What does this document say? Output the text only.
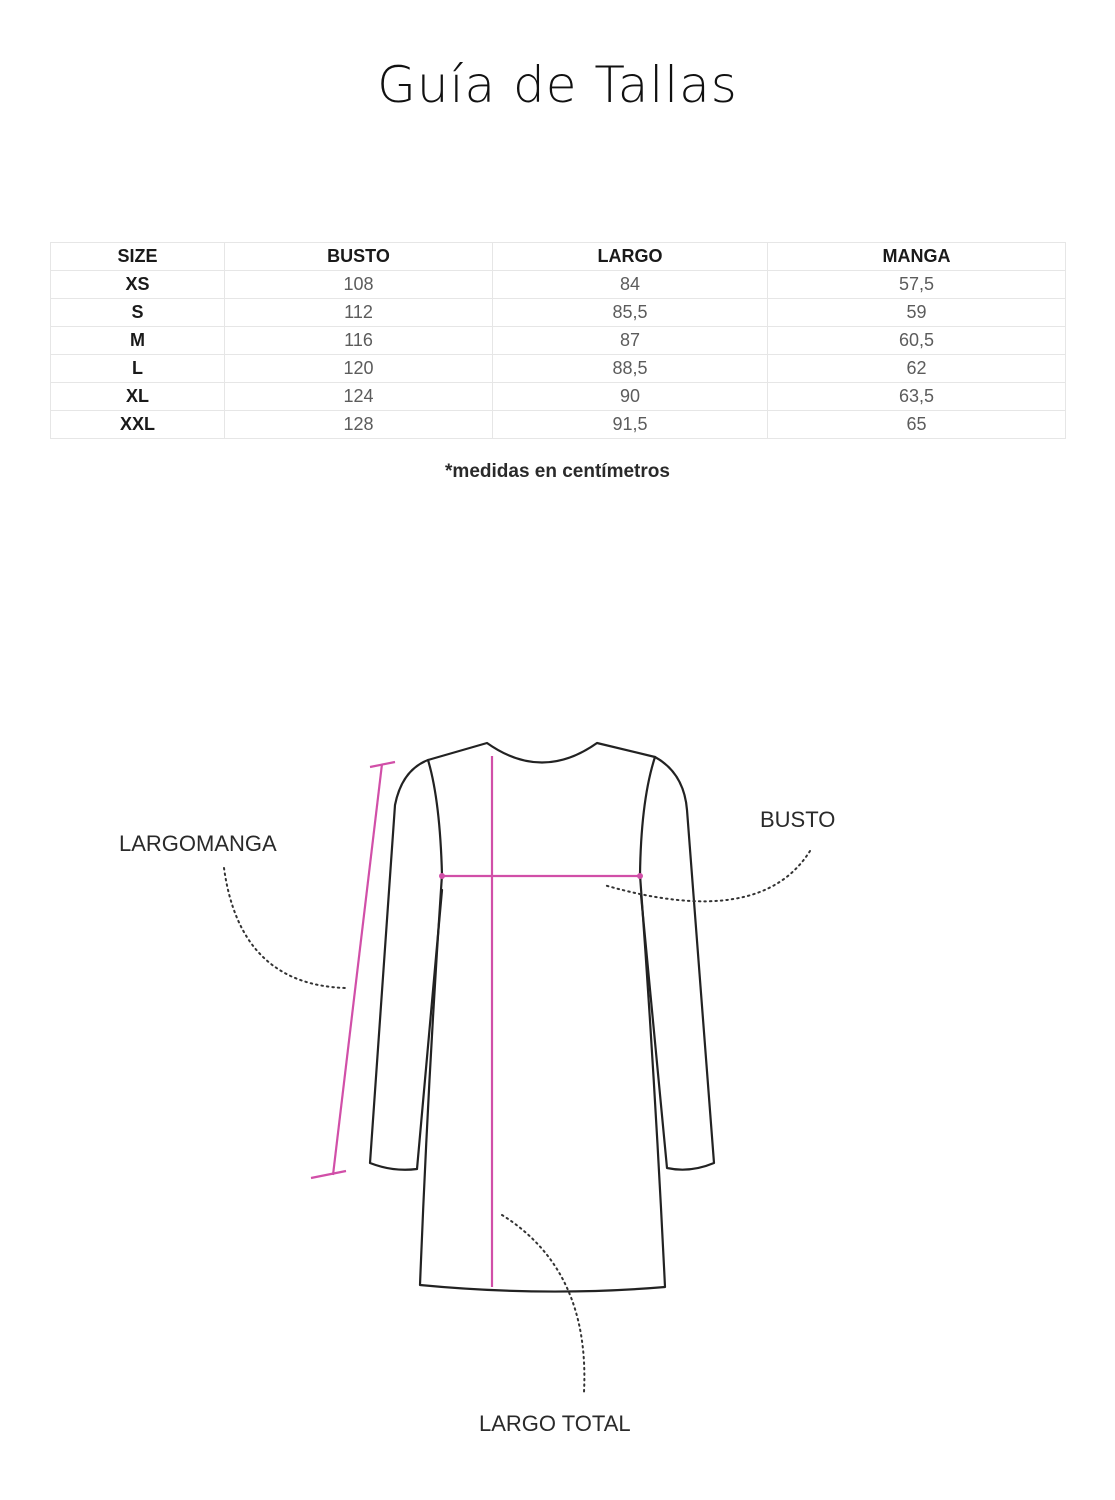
Guía de Tallas
SIZE	BUSTO	LARGO	MANGA
XS	108	84	57,5
S	112	85,5	59
M	116	87	60,5
L	120	88,5	62
XL	124	90	63,5
XXL	128	91,5	65
*medidas en centímetros
LARGOMANGA
BUSTO
LARGO TOTAL
